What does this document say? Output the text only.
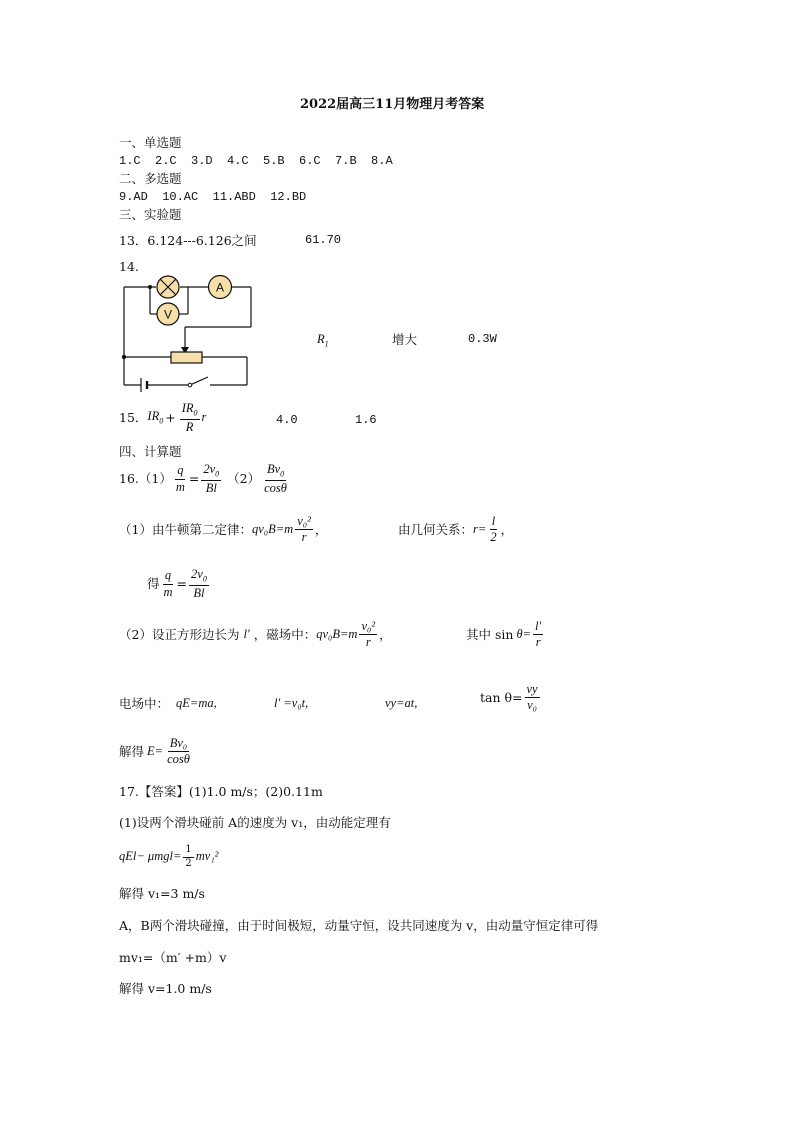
2022届高三11月物理月考答案
一、单选题
1.C  2.C  3.D  4.C  5.B  6.C  7.B  8.A
二、多选题
9.AD  10.AC  11.ABD  12.BD
三、实验题
13．6.124---6.126之间	61.70
14.
A
V
$R_1$	增大	0.3W
15． $IR_0 + \frac{IR_0}{R}$ r	4.0	1.6
四、计算题
$16.(1) \frac{q}{m} = \frac{2v_0}{Bl} (2) \frac{Bv_0}{\cos\theta}$
（1）由牛顿第二定律： $qv_0B=m \frac{\text{v₀²}}{r}$ ，	由几何关系： $r= \frac{l}{2}$ ，
得 $\frac{q}{m} = \frac{2v_0}{Bl}$
（2）设正方形边长为 l′ ，磁场中： $qv_0B=m \frac{\text{v₀²}}{r}$ ，	其中 $\sin \theta= \frac{l'}{r}$
电场中： qE=ma,	l′ =v₀t,	vy=at,	$\tan \theta= \frac{vy}{\text{v₀}}$
解得 $E= \frac{\text{Bv₀}}{\cos\theta}$
17.【答案】(1)1.0 m/s；(2)0.11m
(1)设两个滑块碰前 A的速度为 v₁，由动能定理有
$qEl- \mu mgl= \frac{1}{2} mv_1^2$
解得 v₁=3 m/s
A，B两个滑块碰撞，由于时间极短，动量守恒，设共同速度为 v，由动量守恒定律可得
mv₁=（m′ +m）v
解得 v=1.0 m/s
